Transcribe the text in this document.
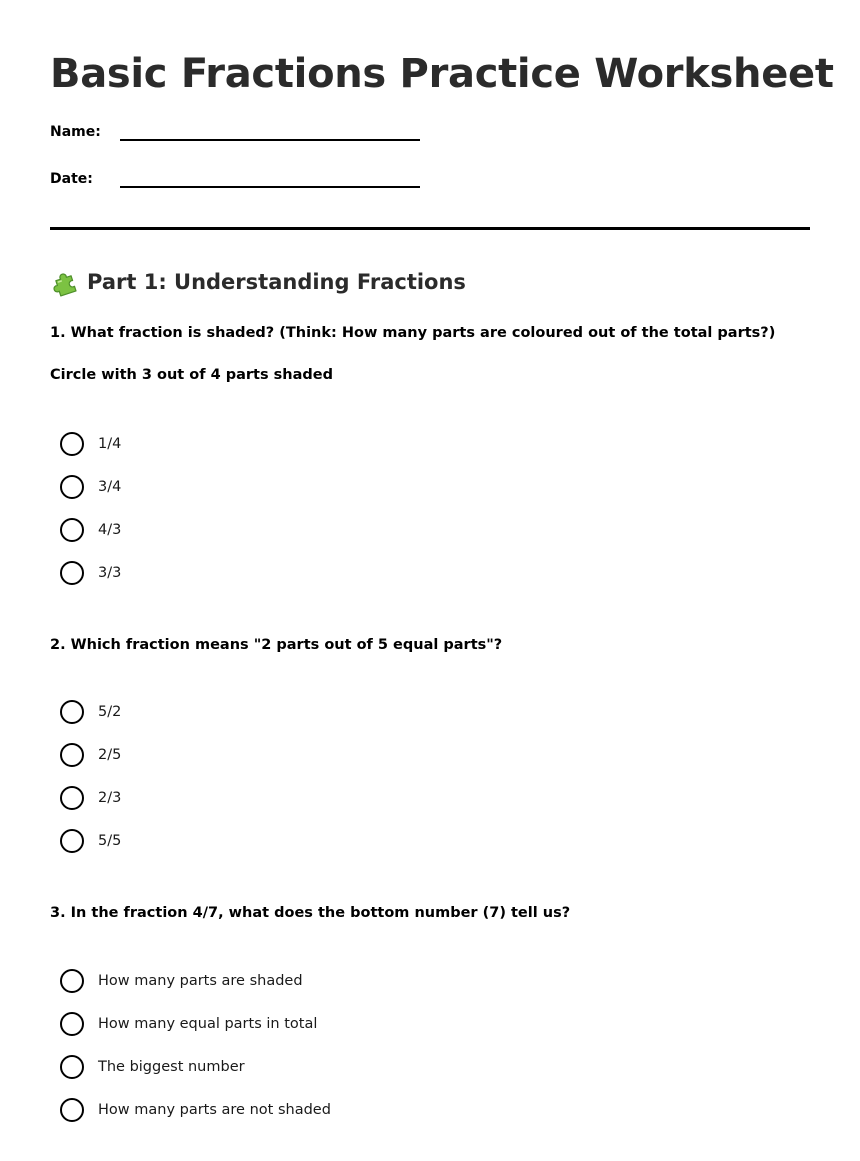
Basic Fractions Practice Worksheet
Name:
Date:
Part 1: Understanding Fractions
1. What fraction is shaded? (Think: How many parts are coloured out of the total parts?)
Circle with 3 out of 4 parts shaded
1/4
3/4
4/3
3/3
2. Which fraction means "2 parts out of 5 equal parts"?
5/2
2/5
2/3
5/5
3. In the fraction 4/7, what does the bottom number (7) tell us?
How many parts are shaded
How many equal parts in total
The biggest number
How many parts are not shaded
